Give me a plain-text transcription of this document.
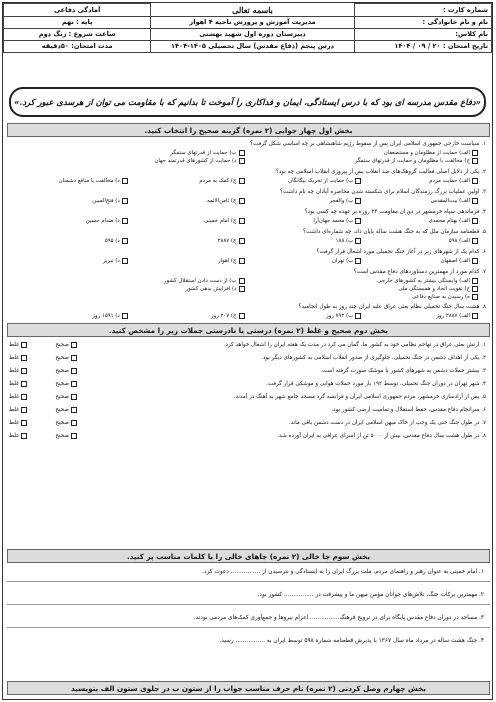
شماره کارت :	باسمه تعالی	آمادگی دفاعی
نام و نام خانوادگی :	مدیریت آموزش و پرورش ناحیه ۴ اهواز	پایه : نهم
نام کلاس:	دبیرستان دوره اول شهید بهشتی	ساعت شروع : زنگ دوم
تاریخ امتحان : ۲۰ / ۰۹ / ۱۴۰۴	درس پنجم (دفاع مقدس) سال تحصیلی ۱۴۰۵-۱۴۰۴	مدت امتحان: ۵۰دقیقه
«دفاع مقدس مدرسه ای بود که با درس ایستادگی، ایمان و فداکاری را آموخت تا بدانیم که با مقاومت می توان از هرسدی عبور کرد.»
بخش اول چهار جوابی (۲ نمره) گزینه صحیح را انتخاب کنید.
۱. سیاست خارجی جمهوری اسلامی ایران پس از سقوط رژیم شاهنشاهی بر چه اساسی شکل گرفت؟
الف) حمایت از مظلومان و مستضعفان
ب) حمایت از قدرتهای ستمگر
ج) مخالفت با مظلومان و حمایت از قدرتهای ستمگر
د) حمایت از کشورهای قدرتمند جهان
۲. یکی از دلایل اصلی فعالیت گروهک‌های ضد انقلاب پس از پیروزی انقلاب اسلامی چه بود؟
الف) حمایت مردم
ب) حمایت از تحریک بیگانگان
ج) کمک به مردم
د) مخالفت با منافع دشمنان
۳. اولین عملیات بزرگ رزمندگان اسلام برای شکسته شدن محاصره آبادان چه نام داشت؟
الف) بیت‌المقدس
ب) والفجر
ج) ثامن‌الائمه
د) فتح‌المبین
۴. فرماندهی سپاه خرمشهر در دوران مقاومت ۳۴ روزه بر عهده چه کسی بود؟
الف) بهنام محمدی
ب) محمد جهان‌آرا
ج) امام خمینی
د) صدام حسین
۵. قطعنامه سازمان ملل که به جنگ هشت ساله پایان داد، چه شماره‌ای داشت؟
الف) ۵۹۸
ب) ۱۸۸
ج) ۲۸۸۷
د) ۵۹۵
۶. کدام یک از شهرهای زیر در آغاز جنگ تحمیلی مورد اشغال قرار گرفت؟
الف) اصفهان
ب) تهران
ج) اهواز
د) تبریز
۷. کدام مورد از مهمترین دستاوردهای دفاع مقدس است؟
الف) وابستگی بیشتر به کشورهای خارجی
ب) از دست دادن استقلال کشور
ج) تقویت اتحاد و همبستگی ملی
د) افزایش بدهی کشور
ه) رسیدن به صنایع دفاعی
۸. هشت سال جنگ تحمیلی نظام بعثی عراق علیه ایران چند روز به طول انجامید؟
الف) ۲۸۸۷ روز
ب) ۷۹۲ روز
ج) ۲۰۷ روز
د) ۱۵۹۱ روز
بخش دوم صحیح و غلط (۲ نمره) درستی یا نادرستی جملات زیر را مشخص کنید.
۱. ارتش بعثی عراق در تهاجم نظامی خود به کشور ما، گمان می کرد در مدت یک هفته ایران را اشغال خواهد کرد.
صحیح
غلط
۲. یکی از اهداف دشمن در جنگ تحمیلی، جلوگیری از صدور انقلاب اسلامی به کشورهای دیگر بود.
صحیح
غلط
۳. بیشتر حملات دشمن به شهرهای کشور با موشک صورت گرفته است.
صحیح
غلط
۴. شهر تهران در دوران جنگ تحمیلی، توسط ۱۹۲ بار مورد حملات هوایی و موشکی قرار گرفت.
صحیح
غلط
۵. پس از آزادسازی خرمشهر، مردم جمهوری اسلامی ایران و فرانسه گرد مسجد جامع شهر به آهنگ در آمدند.
صحیح
غلط
۶. سرانجام دفاع مقدس، حفظ استقلال و تمامیت ارضی کشور بود.
صحیح
غلط
۷. در طول جنگ حتی یک وجب از خاک میهن اسلامی ایران در دست دشمن باقی ماند.
صحیح
غلط
۸. در طول هشت سال دفاع مقدس، بیش از ۵۰۰۰ تن از اسرای عراقی به ایران آورده شد.
صحیح
غلط
بخش سوم جا خالی (۲ نمره) جاهای خالی را با کلمات مناسب پر کنید.
۱. امام خمینی به عنوان رهبر و راهنمای مردم، ملت بزرگ ایران را به ایستادگی و نترسیدن از ................ دعوت کرد.
۲. مهمترین برکات جنگ، تلاش‌های جوانان مؤمن میهن ما و پیشرفت در ................ کشور بود.
۳. مساجد در دوران دفاع مقدس پایگاه برای در ترویج فرهنگ................ اعزام نیروها و جمع‌آوری کمک‌های مردمی بودند.
۴. جنگ هشت ساله در مرداد ماه سال ۱۳۶۷ با پذیرش قطعنامه شماره ۵۹۸ توسط ایران به ................ رسید.
بخش چهارم وصل کردنی (۲ نمره) نام حرف مناسب جواب را از ستون ب در جلوی ستون الف بنویسید
